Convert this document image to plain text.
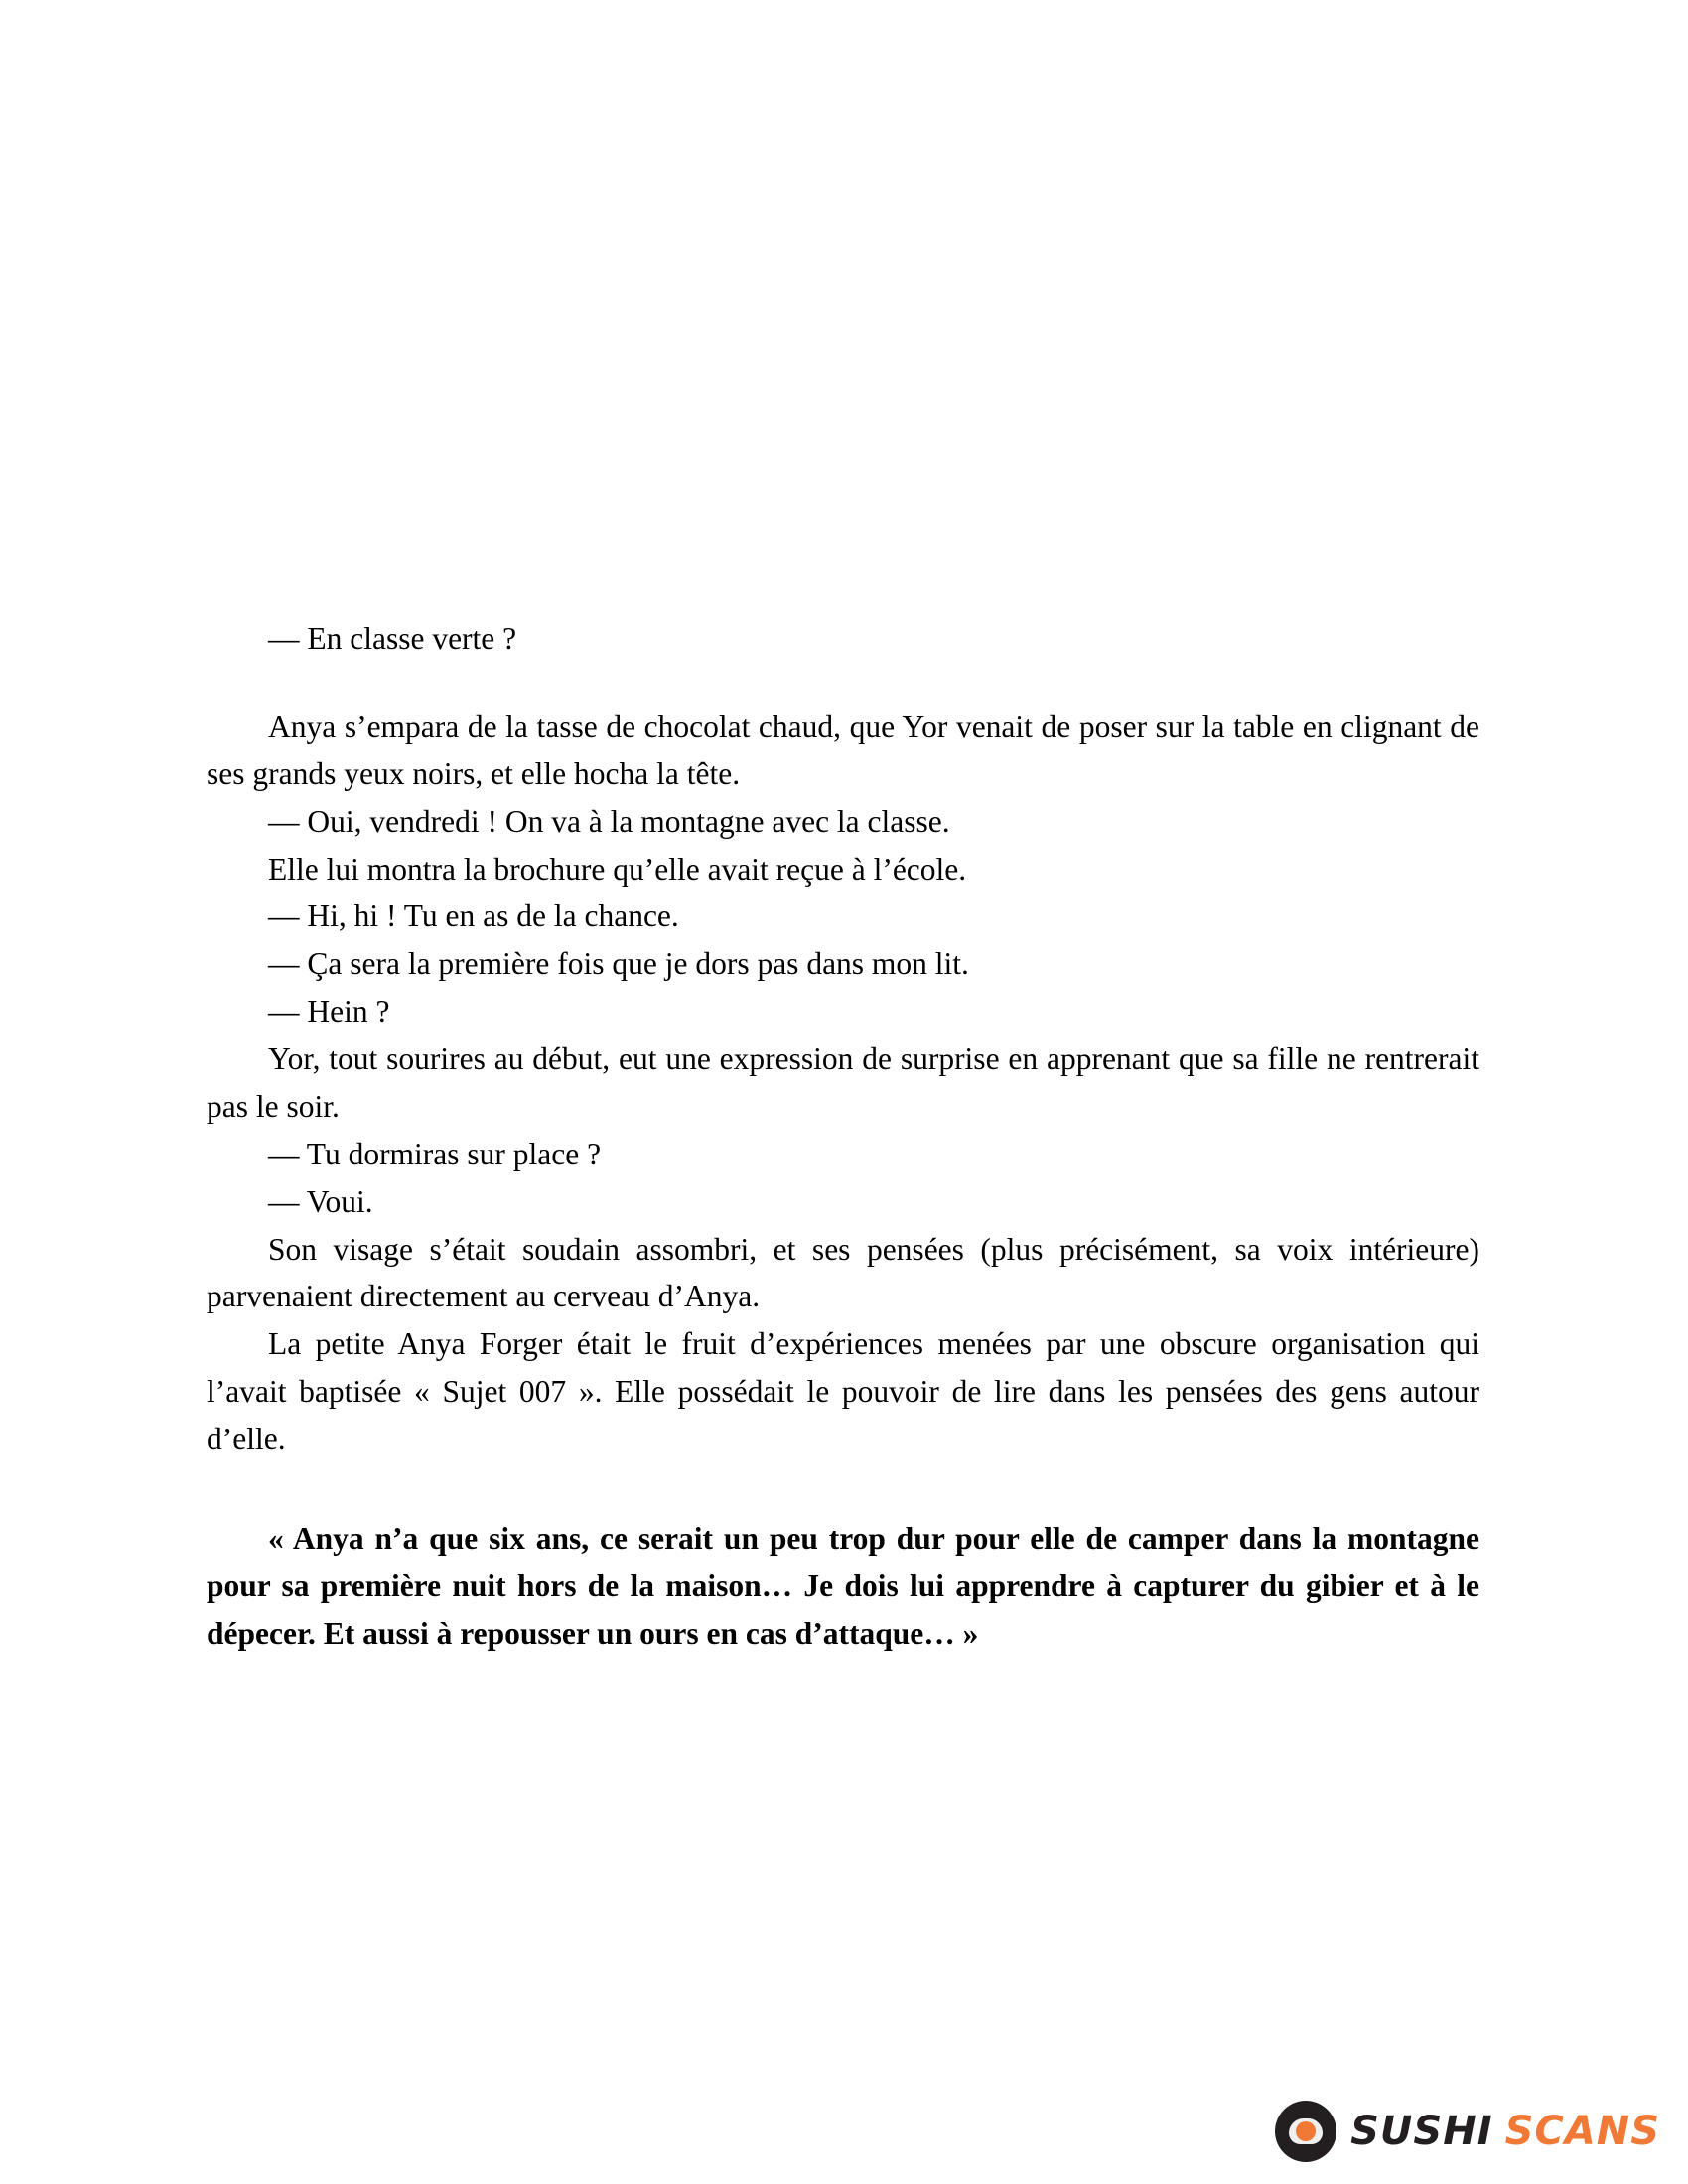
— En classe verte ?

Anya s’empara de la tasse de chocolat chaud, que Yor venait de poser sur la table en clignant de ses grands yeux noirs, et elle hocha la tête.

— Oui, vendredi ! On va à la montagne avec la classe.

Elle lui montra la brochure qu’elle avait reçue à l’école.

— Hi, hi ! Tu en as de la chance.

— Ça sera la première fois que je dors pas dans mon lit.

— Hein ?

Yor, tout sourires au début, eut une expression de surprise en apprenant que sa fille ne rentrerait pas le soir.

— Tu dormiras sur place ?

— Voui.

Son visage s’était soudain assombri, et ses pensées (plus précisément, sa voix intérieure) parvenaient directement au cerveau d’Anya.

La petite Anya Forger était le fruit d’expériences menées par une obscure organisation qui l’avait baptisée « Sujet 007 ». Elle possédait le pouvoir de lire dans les pensées des gens autour d’elle.

« Anya n’a que six ans, ce serait un peu trop dur pour elle de camper dans la montagne pour sa première nuit hors de la maison… Je dois lui apprendre à capturer du gibier et à le dépecer. Et aussi à repousser un ours en cas d’attaque… »

SUSHI SCANS
